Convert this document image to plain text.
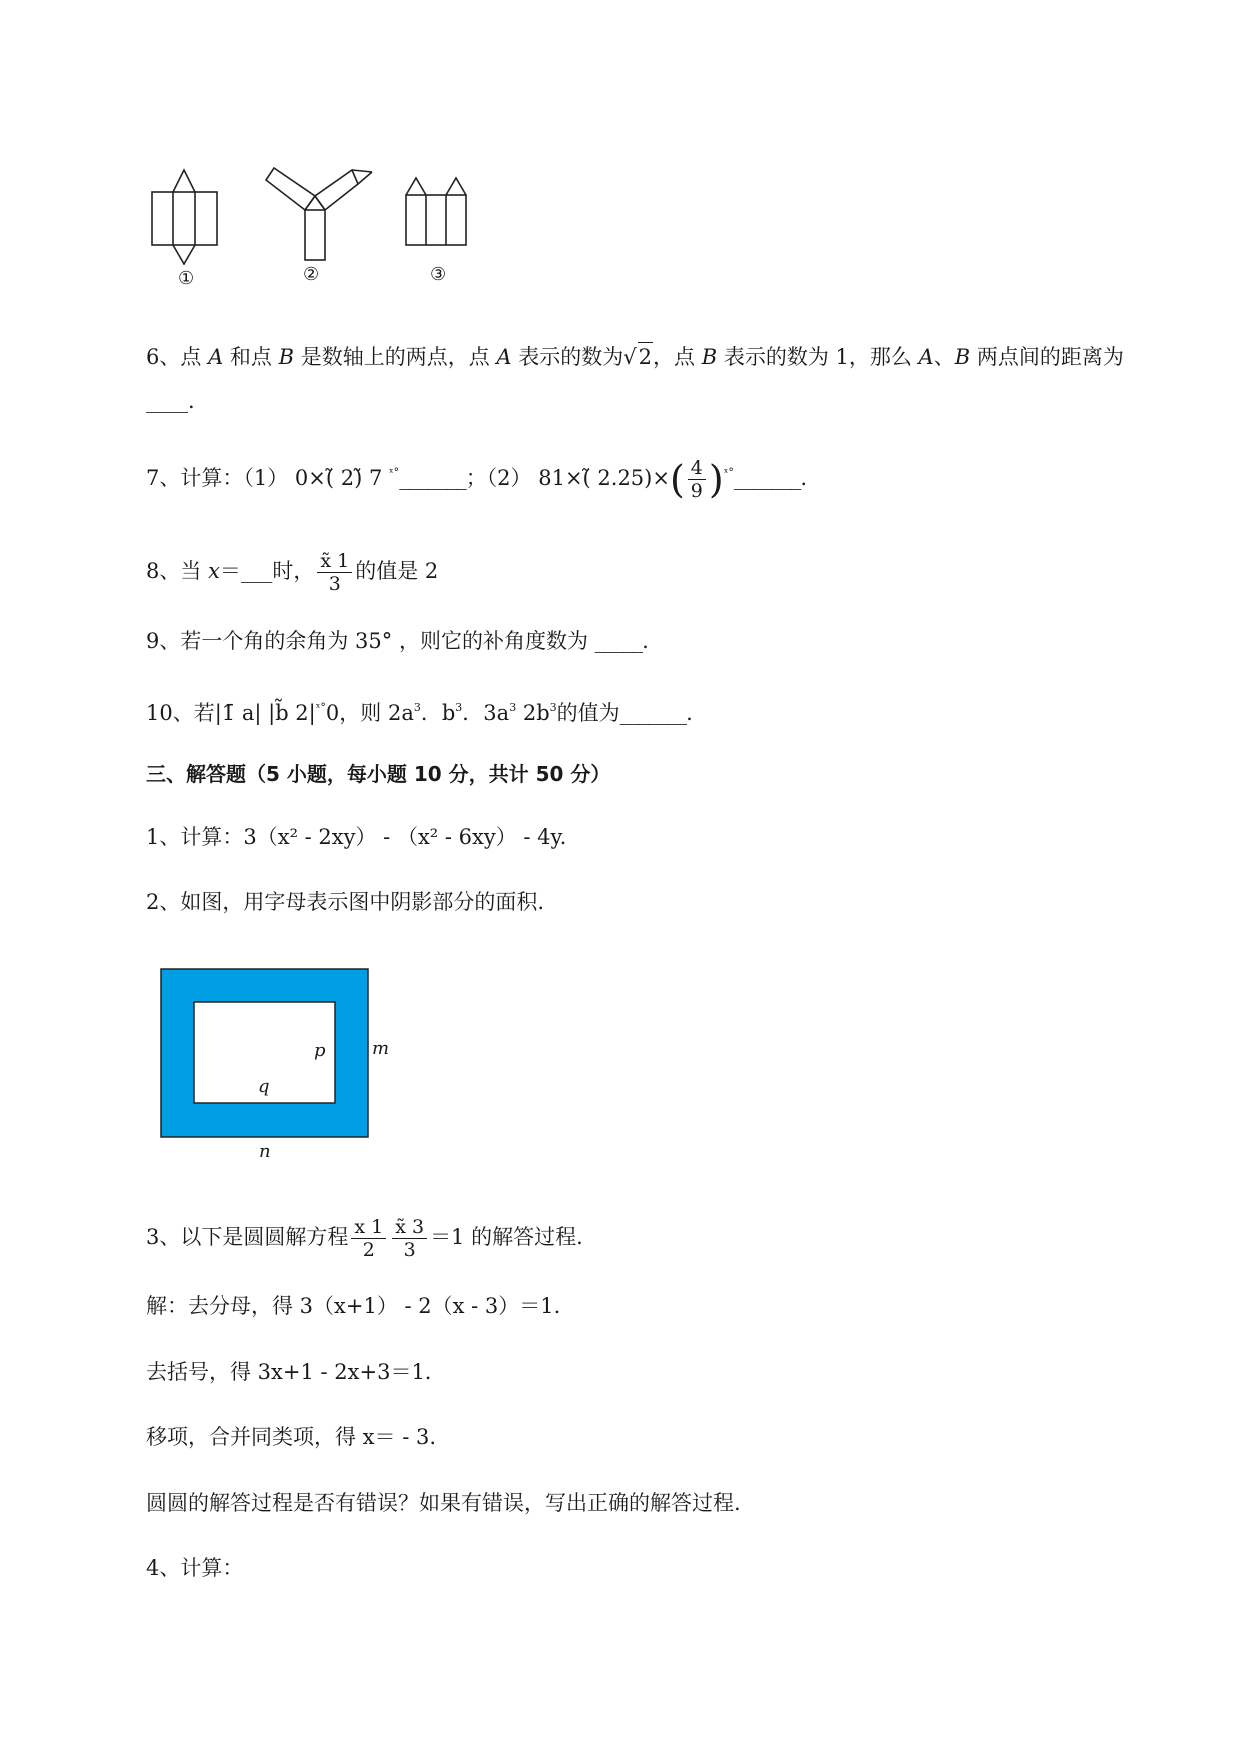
①	②	③
6、点 A 和点 B 是数轴上的两点，点 A 表示的数为√2，点 B 表示的数为 1，那么 A、B 两点间的距离为
____.
7、计算：（1） 0×(̃ 2)̃ 7 $^{ˣ^\circ}$_______；（2） 81×(̃ $2.25)\times( \frac{4}{9}$ )$^{ˣ^\circ}\_\_\_\_\_\_\_$.
8、当 x＝___时， $\frac{x̃ 1}{3}$ 的值是 2
9、若一个角的余角为 35° ，则它的补角度数为 _____.
10、若|1̄ a| |b̃ $2|^{ˣ^\circ}0$，则 $2a^3$．$b^3$．$3a^3$ $2b^3$的值为_______.
三、解答题（5 小题，每小题 10 分，共计 50 分）
1、计算：3（x² - 2xy） - （x² - 6xy） - 4y.
2、如图，用字母表示图中阴影部分的面积.
p	m
q
n
3、以下是圆圆解方程 $\frac{x 1}{2} \frac{x̃ 3}{3} =1$ 的解答过程.
解：去分母，得 3（x+1） - 2（x - 3）＝1.
去括号，得 3x+1 - 2x+3＝1.
移项，合并同类项，得 x＝ - 3.
圆圆的解答过程是否有错误？如果有错误，写出正确的解答过程.
4、计算：
